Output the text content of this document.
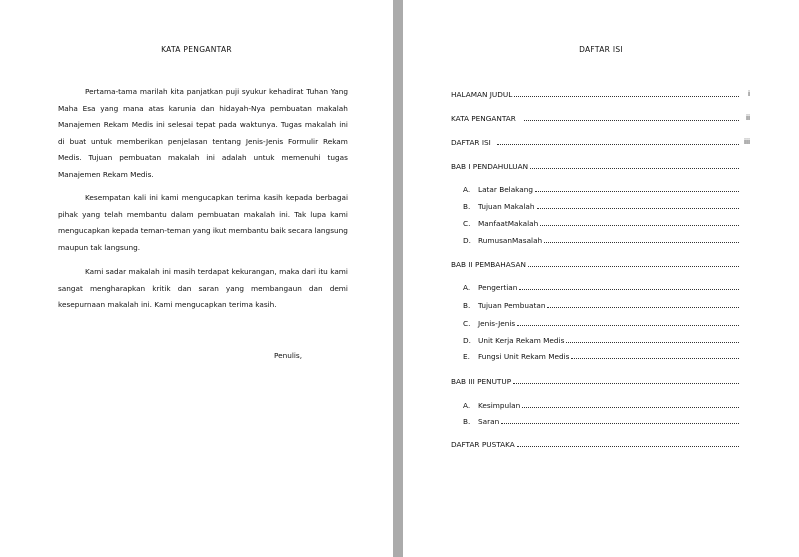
KATA PENGANTAR
Pertama-tama marilah kita panjatkan puji syukur kehadirat Tuhan Yang
Maha Esa yang mana atas karunia dan hidayah-Nya pembuatan makalah
Manajemen Rekam Medis ini selesai tepat pada waktunya. Tugas makalah ini
di buat untuk memberikan penjelasan tentang Jenis-Jenis Formulir Rekam
Medis. Tujuan pembuatan makalah ini adalah untuk memenuhi tugas
Manajemen Rekam Medis.
Kesempatan kali ini kami mengucapkan terima kasih kepada berbagai
pihak yang telah membantu dalam pembuatan makalah ini. Tak lupa kami
mengucapkan kepada teman-teman yang ikut membantu baik secara langsung
maupun tak langsung.
Kami sadar makalah ini masih terdapat kekurangan, maka dari itu kami
sangat mengharapkan kritik dan saran yang membangaun dan demi
kesepurnaan makalah ini. Kami mengucapkan terima kasih.
Penulis,
DAFTAR ISI
HALAMAN JUDUL	i
KATA PENGANTAR	ii
DAFTAR ISI	iii
BAB I PENDAHULUAN
A. Latar Belakang
B. Tujuan Makalah
C. ManfaatMakalah
D. RumusanMasalah
BAB II PEMBAHASAN
A. Pengertian
B. Tujuan Pembuatan
C. Jenis-Jenis
D. Unit Kerja Rekam Medis
E. Fungsi Unit Rekam Medis
BAB III PENUTUP
A. Kesimpulan
B. Saran
DAFTAR PUSTAKA
